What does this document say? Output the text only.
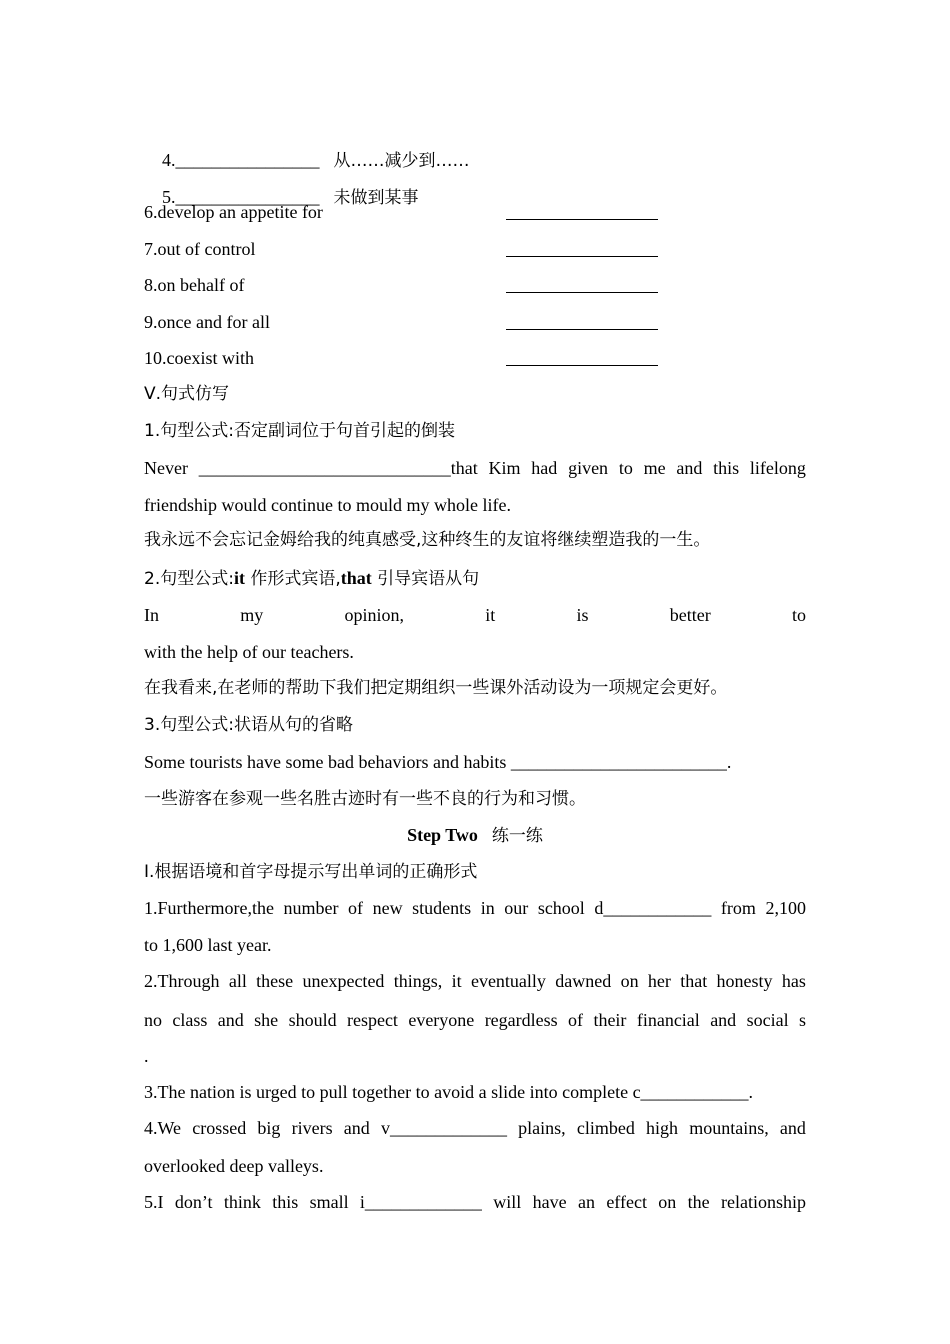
4.________________ 从……减少到……

5.________________ 未做到某事

6.develop an appetite for
7.out of control
8.on behalf of
9.once and for all
10.coexist with
Ⅴ.句式仿写
1.句型公式:否定副词位于句首引起的倒装
Never ____________________________that Kim had given to me and this lifelong
friendship would continue to mould my whole life.
我永远不会忘记金姆给我的纯真感受,这种终生的友谊将继续塑造我的一生。
2.句型公式:it 作形式宾语,that 引导宾语从句
In	my	opinion,	it	is	better	to
with the help of our teachers.
在我看来,在老师的帮助下我们把定期组织一些课外活动设为一项规定会更好。
3.句型公式:状语从句的省略
Some tourists have some bad behaviors and habits ________________________.
一些游客在参观一些名胜古迹时有一些不良的行为和习惯。
Step Two 练一练
Ⅰ.根据语境和首字母提示写出单词的正确形式
1.Furthermore,the number of new students in our school d____________ from 2,100
to 1,600 last year.
2.Through all these unexpected things, it eventually dawned on her that honesty has
no class and she should respect everyone regardless of their financial and social s
.
3.The nation is urged to pull together to avoid a slide into complete c____________.
4.We crossed big rivers and v_____________ plains, climbed high mountains, and
overlooked deep valleys.
5.I don’t think this small i_____________ will have an effect on the relationship
